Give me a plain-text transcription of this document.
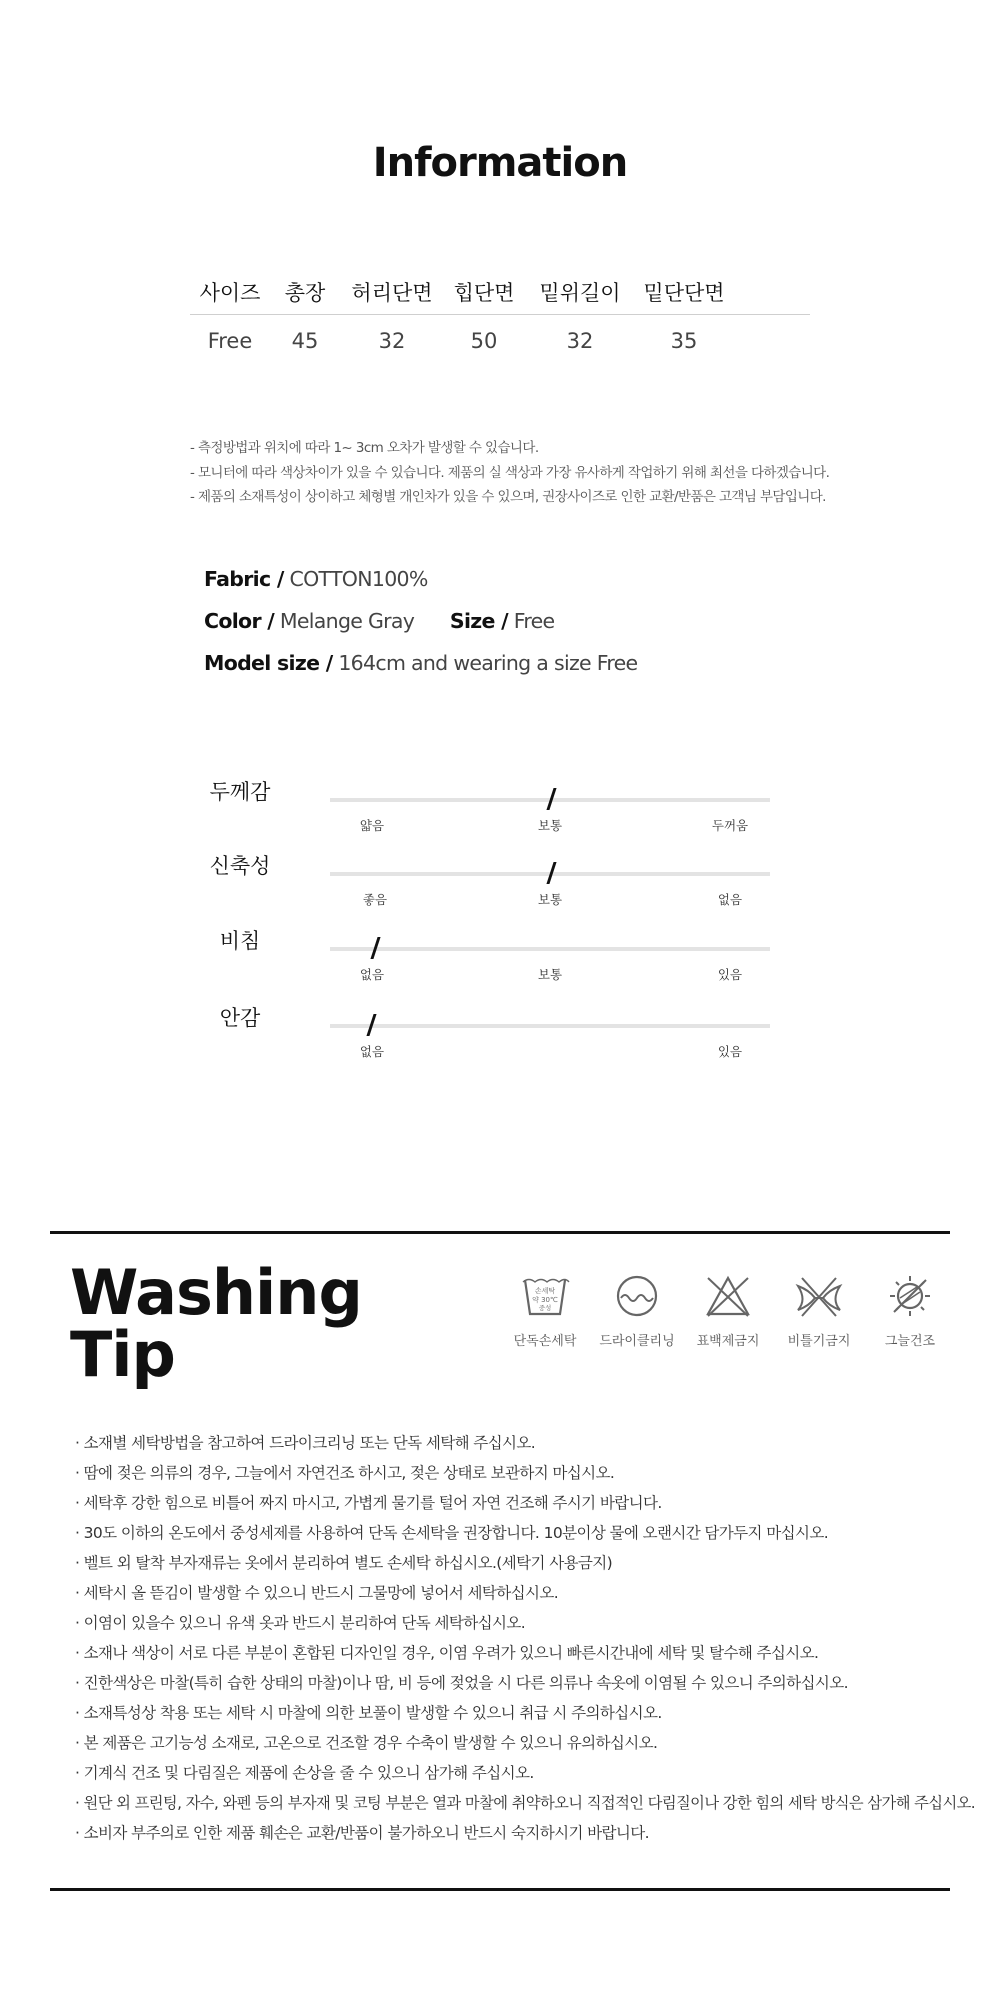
Information
사이즈	총장	허리단면 힙단면	밑위길이	밑단단면
Free	45	32	50	32	35
- 측정방법과 위치에 따라 1~ 3cm 오차가 발생할 수 있습니다.
- 모니터에 따라 색상차이가 있을 수 있습니다. 제품의 실 색상과 가장 유사하게 작업하기 위해 최선을 다하겠습니다.
- 제품의 소재특성이 상이하고 체형별 개인차가 있을 수 있으며, 권장사이즈로 인한 교환/반품은 고객님 부담입니다.
Fabric / COTTON100%
Color / Melange Gray Size / Free
Model size / 164cm and wearing a size Free
두께감
얇음	보통	두꺼움
신축성
좋음	보통	없음
비침
없음	보통	있음
안감
없음	있음
Washing
Tip
손세탁
약 30℃
중성
단독손세탁	드라이클리닝	표백제금지	비틀기금지	그늘건조
· 소재별 세탁방법을 참고하여 드라이크리닝 또는 단독 세탁해 주십시오.
· 땀에 젖은 의류의 경우, 그늘에서 자연건조 하시고, 젖은 상태로 보관하지 마십시오.
· 세탁후 강한 힘으로 비틀어 짜지 마시고, 가볍게 물기를 털어 자연 건조해 주시기 바랍니다.
· 30도 이하의 온도에서 중성세제를 사용하여 단독 손세탁을 권장합니다. 10분이상 물에 오랜시간 담가두지 마십시오.
· 벨트 외 탈착 부자재류는 옷에서 분리하여 별도 손세탁 하십시오.(세탁기 사용금지)
· 세탁시 올 뜯김이 발생할 수 있으니 반드시 그물망에 넣어서 세탁하십시오.
· 이염이 있을수 있으니 유색 옷과 반드시 분리하여 단독 세탁하십시오.
· 소재나 색상이 서로 다른 부분이 혼합된 디자인일 경우, 이염 우려가 있으니 빠른시간내에 세탁 및 탈수해 주십시오.
· 진한색상은 마찰(특히 습한 상태의 마찰)이나 땀, 비 등에 젖었을 시 다른 의류나 속옷에 이염될 수 있으니 주의하십시오.
· 소재특성상 착용 또는 세탁 시 마찰에 의한 보풀이 발생할 수 있으니 취급 시 주의하십시오.
· 본 제품은 고기능성 소재로, 고온으로 건조할 경우 수축이 발생할 수 있으니 유의하십시오.
· 기계식 건조 및 다림질은 제품에 손상을 줄 수 있으니 삼가해 주십시오.
· 원단 외 프린팅, 자수, 와펜 등의 부자재 및 코팅 부분은 열과 마찰에 취약하오니 직접적인 다림질이나 강한 힘의 세탁 방식은 삼가해 주십시오.
· 소비자 부주의로 인한 제품 훼손은 교환/반품이 불가하오니 반드시 숙지하시기 바랍니다.
